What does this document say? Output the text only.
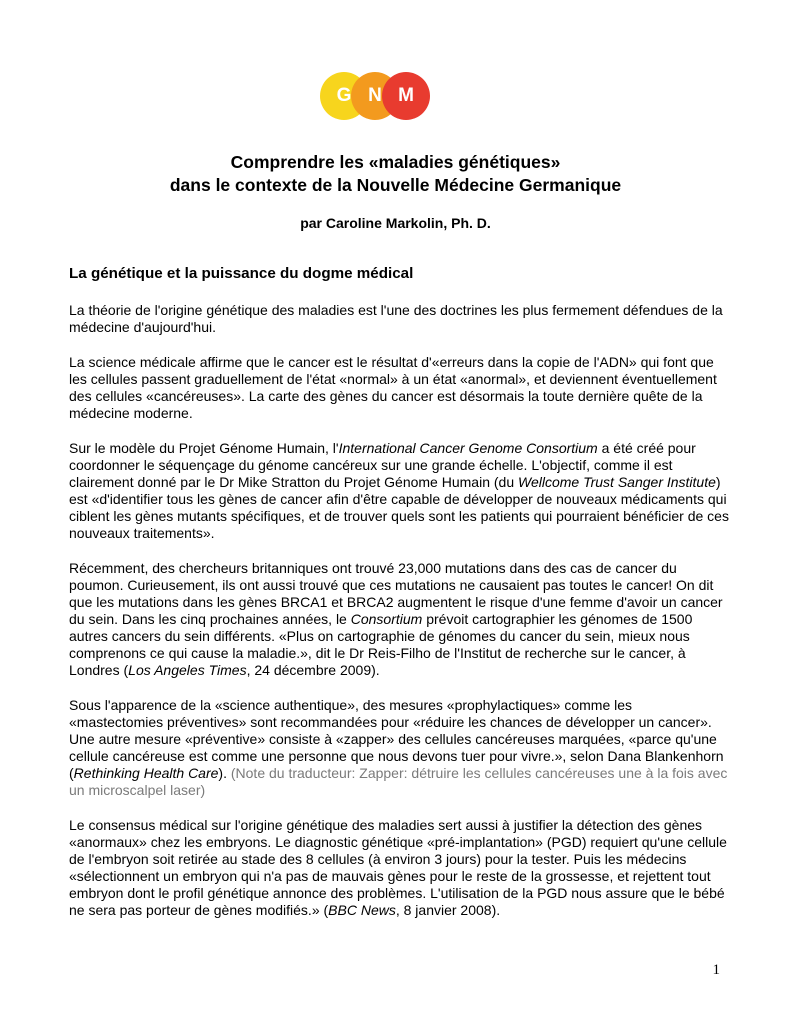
G N M
Comprendre les «maladies génétiques»
dans le contexte de la Nouvelle Médecine Germanique

par Caroline Markolin, Ph. D.

La génétique et la puissance du dogme médical

La théorie de l'origine génétique des maladies est l'une des doctrines les plus fermement défendues de la médecine d'aujourd'hui.

La science médicale affirme que le cancer est le résultat d'«erreurs dans la copie de l'ADN» qui font que les cellules passent graduellement de l'état «normal» à un état «anormal», et deviennent éventuellement des cellules «cancéreuses». La carte des gènes du cancer est désormais la toute dernière quête de la médecine moderne.

Sur le modèle du Projet Génome Humain, l'International Cancer Genome Consortium a été créé pour coordonner le séquençage du génome cancéreux sur une grande échelle. L'objectif, comme il est clairement donné par le Dr Mike Stratton du Projet Génome Humain (du Wellcome Trust Sanger Institute) est «d'identifier tous les gènes de cancer afin d'être capable de développer de nouveaux médicaments qui ciblent les gènes mutants spécifiques, et de trouver quels sont les patients qui pourraient bénéficier de ces nouveaux traitements».

Récemment, des chercheurs britanniques ont trouvé 23,000 mutations dans des cas de cancer du poumon. Curieusement, ils ont aussi trouvé que ces mutations ne causaient pas toutes le cancer! On dit que les mutations dans les gènes BRCA1 et BRCA2 augmentent le risque d'une femme d'avoir un cancer du sein. Dans les cinq prochaines années, le Consortium prévoit cartographier les génomes de 1500 autres cancers du sein différents. «Plus on cartographie de génomes du cancer du sein, mieux nous comprenons ce qui cause la maladie.», dit le Dr Reis-Filho de l'Institut de recherche sur le cancer, à Londres (Los Angeles Times, 24 décembre 2009).

Sous l'apparence de la «science authentique», des mesures «prophylactiques» comme les «mastectomies préventives» sont recommandées pour «réduire les chances de développer un cancer». Une autre mesure «préventive» consiste à «zapper» des cellules cancéreuses marquées, «parce qu'une cellule cancéreuse est comme une personne que nous devons tuer pour vivre.», selon Dana Blankenhorn (Rethinking Health Care). (Note du traducteur: Zapper: détruire les cellules cancéreuses une à la fois avec un microscalpel laser)

Le consensus médical sur l'origine génétique des maladies sert aussi à justifier la détection des gènes «anormaux» chez les embryons. Le diagnostic génétique «pré-implantation» (PGD) requiert qu'une cellule de l'embryon soit retirée au stade des 8 cellules (à environ 3 jours) pour la tester. Puis les médecins «sélectionnent un embryon qui n'a pas de mauvais gènes pour le reste de la grossesse, et rejettent tout embryon dont le profil génétique annonce des problèmes. L'utilisation de la PGD nous assure que le bébé ne sera pas porteur de gènes modifiés.» (BBC News, 8 janvier 2008).

1
